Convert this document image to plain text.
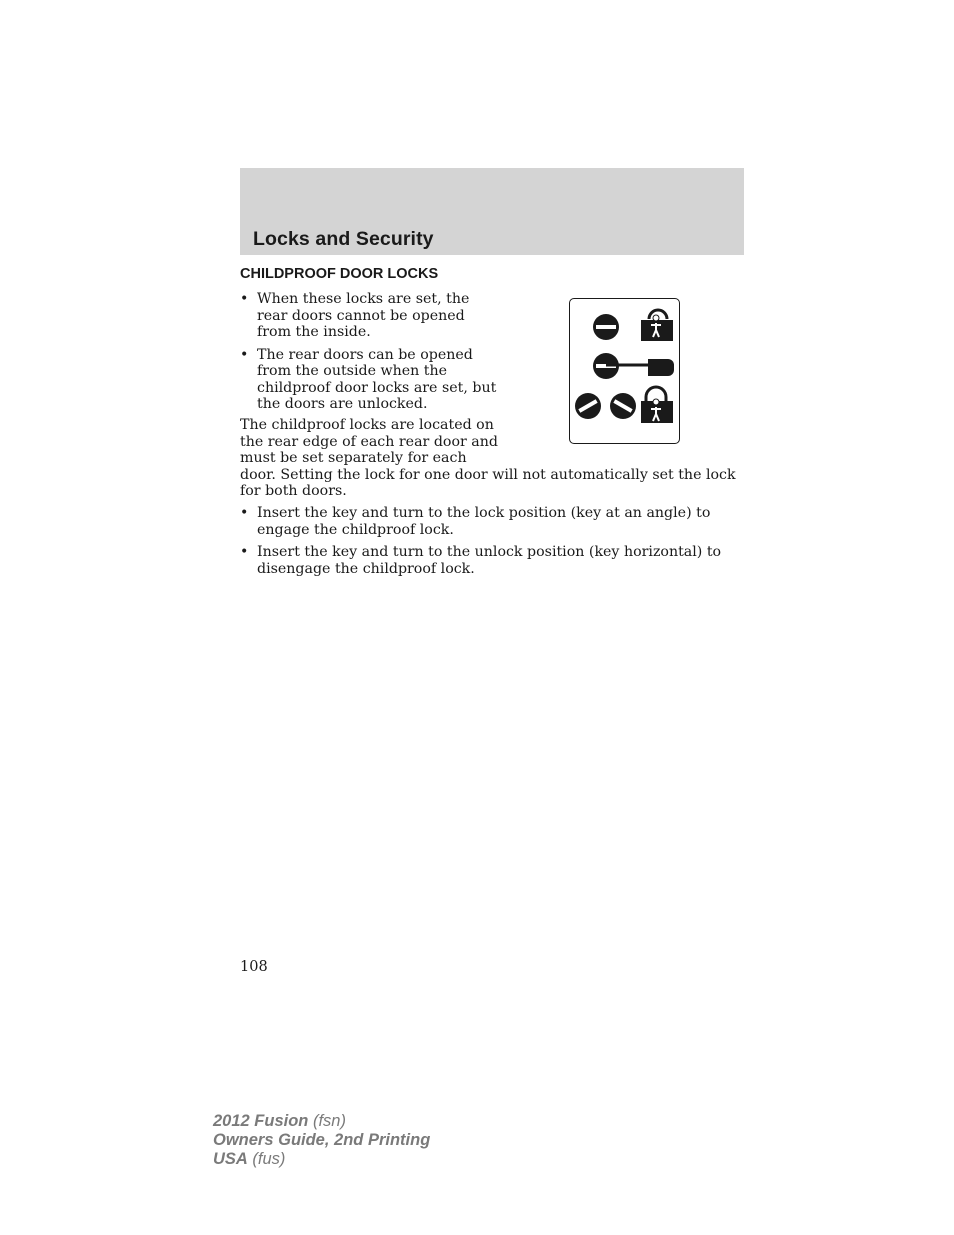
Locks and Security
CHILDPROOF DOOR LOCKS
• When these locks are set, the rear doors cannot be opened from the inside.
• The rear doors can be opened from the outside when the childproof door locks are set, but the doors are unlocked.

The childproof locks are located on the rear edge of each rear door and must be set separately for each
door. Setting the lock for one door will not automatically set the lock for both doors.

• Insert the key and turn to the lock position (key at an angle) to engage the childproof lock.
• Insert the key and turn to the unlock position (key horizontal) to disengage the childproof lock.

108

2012 Fusion (fsn)
Owners Guide, 2nd Printing
USA (fus)
